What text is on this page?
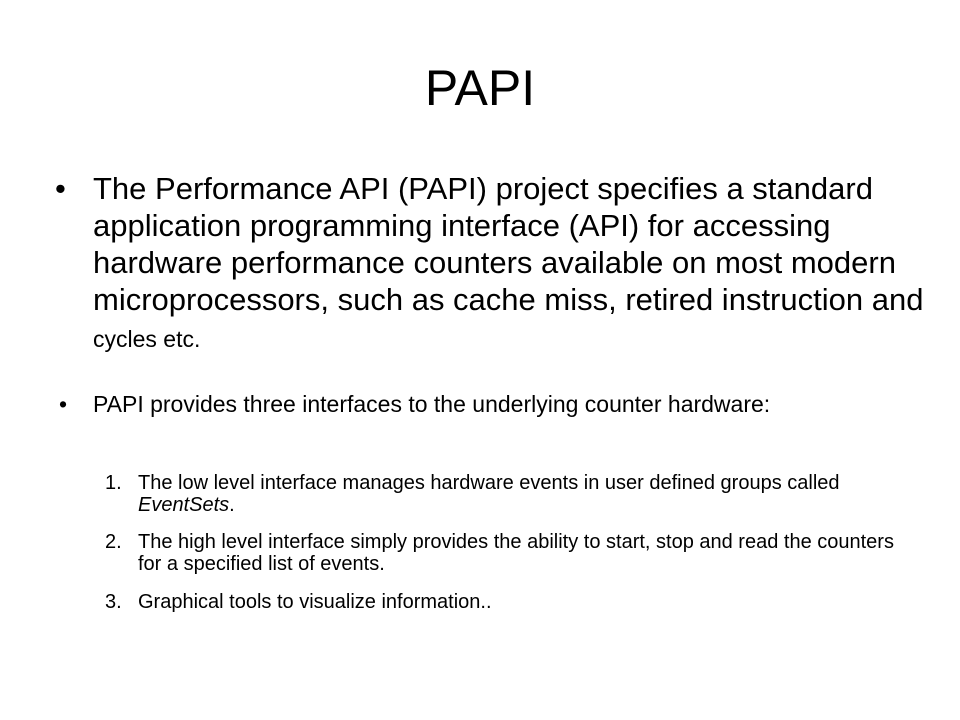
PAPI
• The Performance API (PAPI) project specifies a standard application programming interface (API) for accessing hardware performance counters available on most modern microprocessors, such as cache miss, retired instruction and cycles etc.
• PAPI provides three interfaces to the underlying counter hardware:
1. The low level interface manages hardware events in user defined groups called EventSets.
2. The high level interface simply provides the ability to start, stop and read the counters for a specified list of events.
3. Graphical tools to visualize information..
